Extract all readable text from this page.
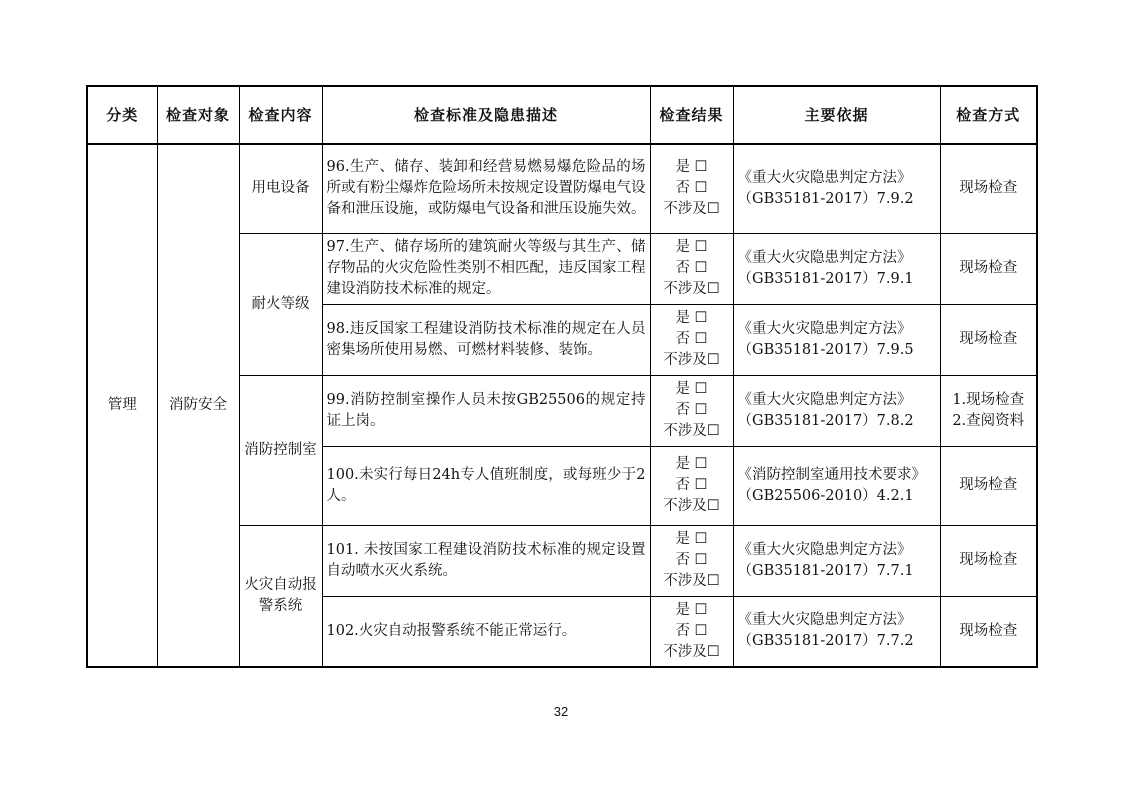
分类	检查对象	检查内容	检查标准及隐患描述	检查结果	主要依据	检查方式
管理	消防安全	用电设备	96.生产、储存、装卸和经营易燃易爆危险品的场所或有粉尘爆炸危险场所未按规定设置防爆电气设备和泄压设施，或防爆电气设备和泄压设施失效。	是 ☐
否 ☐
不涉及☐	《重大火灾隐患判定方法》（GB35181-2017）7.9.2	现场检查
		耐火等级	97.生产、储存场所的建筑耐火等级与其生产、储存物品的火灾危险性类别不相匹配，违反国家工程建设消防技术标准的规定。	是 ☐
否 ☐
不涉及☐	《重大火灾隐患判定方法》（GB35181-2017）7.9.1	现场检查
			98.违反国家工程建设消防技术标准的规定在人员密集场所使用易燃、可燃材料装修、装饰。	是 ☐
否 ☐
不涉及☐	《重大火灾隐患判定方法》（GB35181-2017）7.9.5	现场检查
		消防控制室	99.消防控制室操作人员未按GB25506的规定持证上岗。	是 ☐
否 ☐
不涉及☐	《重大火灾隐患判定方法》（GB35181-2017）7.8.2	1.现场检查 2.查阅资料
			100.未实行每日24h专人值班制度，或每班少于2人。	是 ☐
否 ☐
不涉及☐	《消防控制室通用技术要求》（GB25506-2010）4.2.1	现场检查
		火灾自动报警系统	101. 未按国家工程建设消防技术标准的规定设置自动喷水灭火系统。	是 ☐
否 ☐
不涉及☐	《重大火灾隐患判定方法》（GB35181-2017）7.7.1	现场检查
			102.火灾自动报警系统不能正常运行。	是 ☐
否 ☐
不涉及☐	《重大火灾隐患判定方法》（GB35181-2017）7.7.2	现场检查
32
